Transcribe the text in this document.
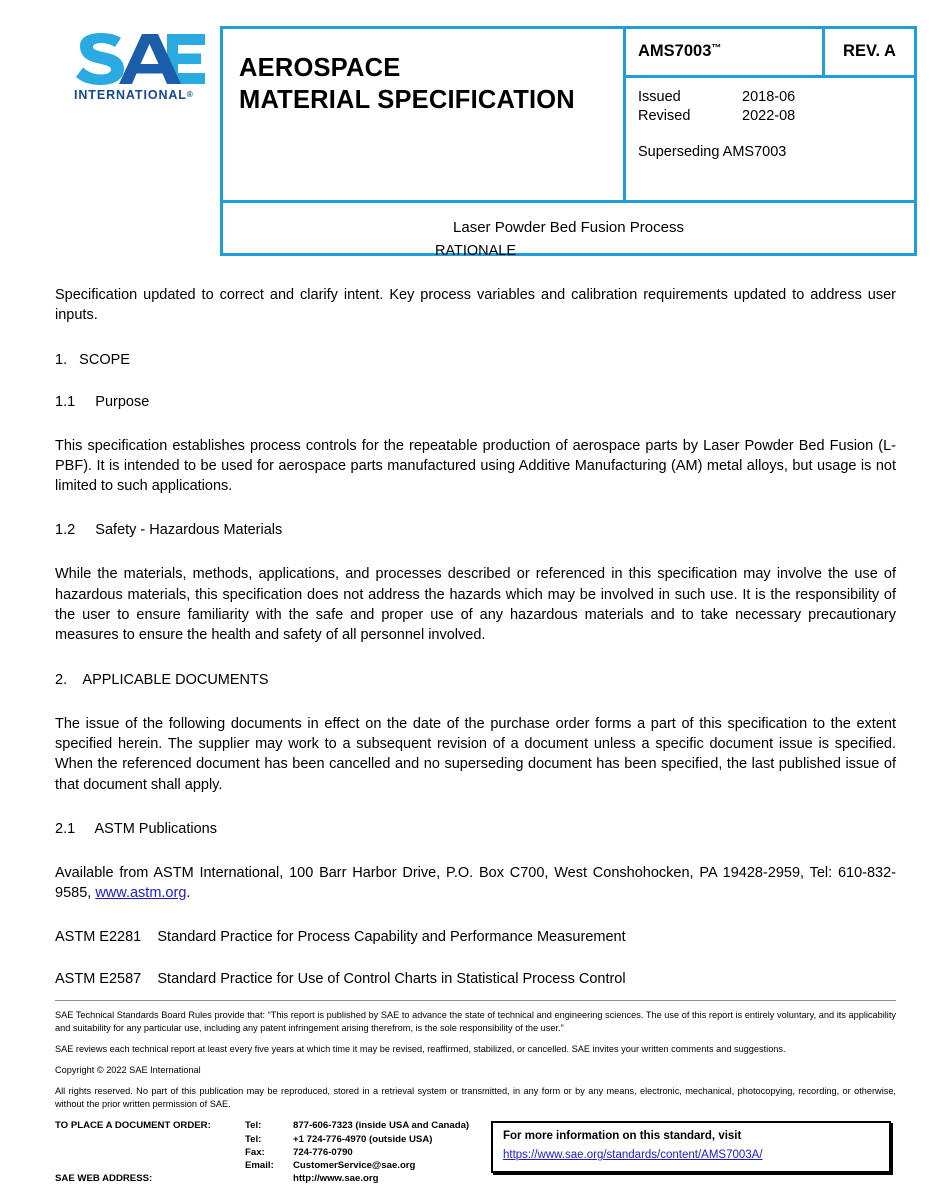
INTERNATIONAL®
AEROSPACE
MATERIAL SPECIFICATION

AMS7003™	REV. A

Issued	2018-06
Revised	2022-08
Superseding AMS7003

Laser Powder Bed Fusion Process
RATIONALE

Specification updated to correct and clarify intent. Key process variables and calibration requirements updated to address user inputs.

1.   SCOPE
1.1     Purpose

This specification establishes process controls for the repeatable production of aerospace parts by Laser Powder Bed Fusion (L-PBF). It is intended to be used for aerospace parts manufactured using Additive Manufacturing (AM) metal alloys, but usage is not limited to such applications.

1.2     Safety - Hazardous Materials

While the materials, methods, applications, and processes described or referenced in this specification may involve the use of hazardous materials, this specification does not address the hazards which may be involved in such use. It is the responsibility of the user to ensure familiarity with the safe and proper use of any hazardous materials and to take necessary precautionary measures to ensure the health and safety of all personnel involved.

2.    APPLICABLE DOCUMENTS

The issue of the following documents in effect on the date of the purchase order forms a part of this specification to the extent specified herein. The supplier may work to a subsequent revision of a document unless a specific document issue is specified. When the referenced document has been cancelled and no superseding document has been specified, the last published issue of that document shall apply.

2.1     ASTM Publications

Available from ASTM International, 100 Barr Harbor Drive, P.O. Box C700, West Conshohocken, PA 19428-2959, Tel: 610-832-9585, www.astm.org.

ASTM E2281 Standard Practice for Process Capability and Performance Measurement
ASTM E2587 Standard Practice for Use of Control Charts in Statistical Process Control

SAE Technical Standards Board Rules provide that: “This report is published by SAE to advance the state of technical and engineering sciences. The use of this report is entirely voluntary, and its applicability and suitability for any particular use, including any patent infringement arising therefrom, is the sole responsibility of the user.”

SAE reviews each technical report at least every five years at which time it may be revised, reaffirmed, stabilized, or cancelled. SAE invites your written comments and suggestions.

Copyright © 2022 SAE International

All rights reserved. No part of this publication may be reproduced, stored in a retrieval system or transmitted, in any form or by any means, electronic, mechanical, photocopying, recording, or otherwise, without the prior written permission of SAE.

TO PLACE A DOCUMENT ORDER:	Tel:	877-606-7323 (inside USA and Canada)
	Tel:	+1 724-776-4970 (outside USA)
	Fax:	724-776-0790
	Email:	CustomerService@sae.org
SAE WEB ADDRESS:		http://www.sae.org
For more information on this standard, visit
https://www.sae.org/standards/content/AMS7003A/
